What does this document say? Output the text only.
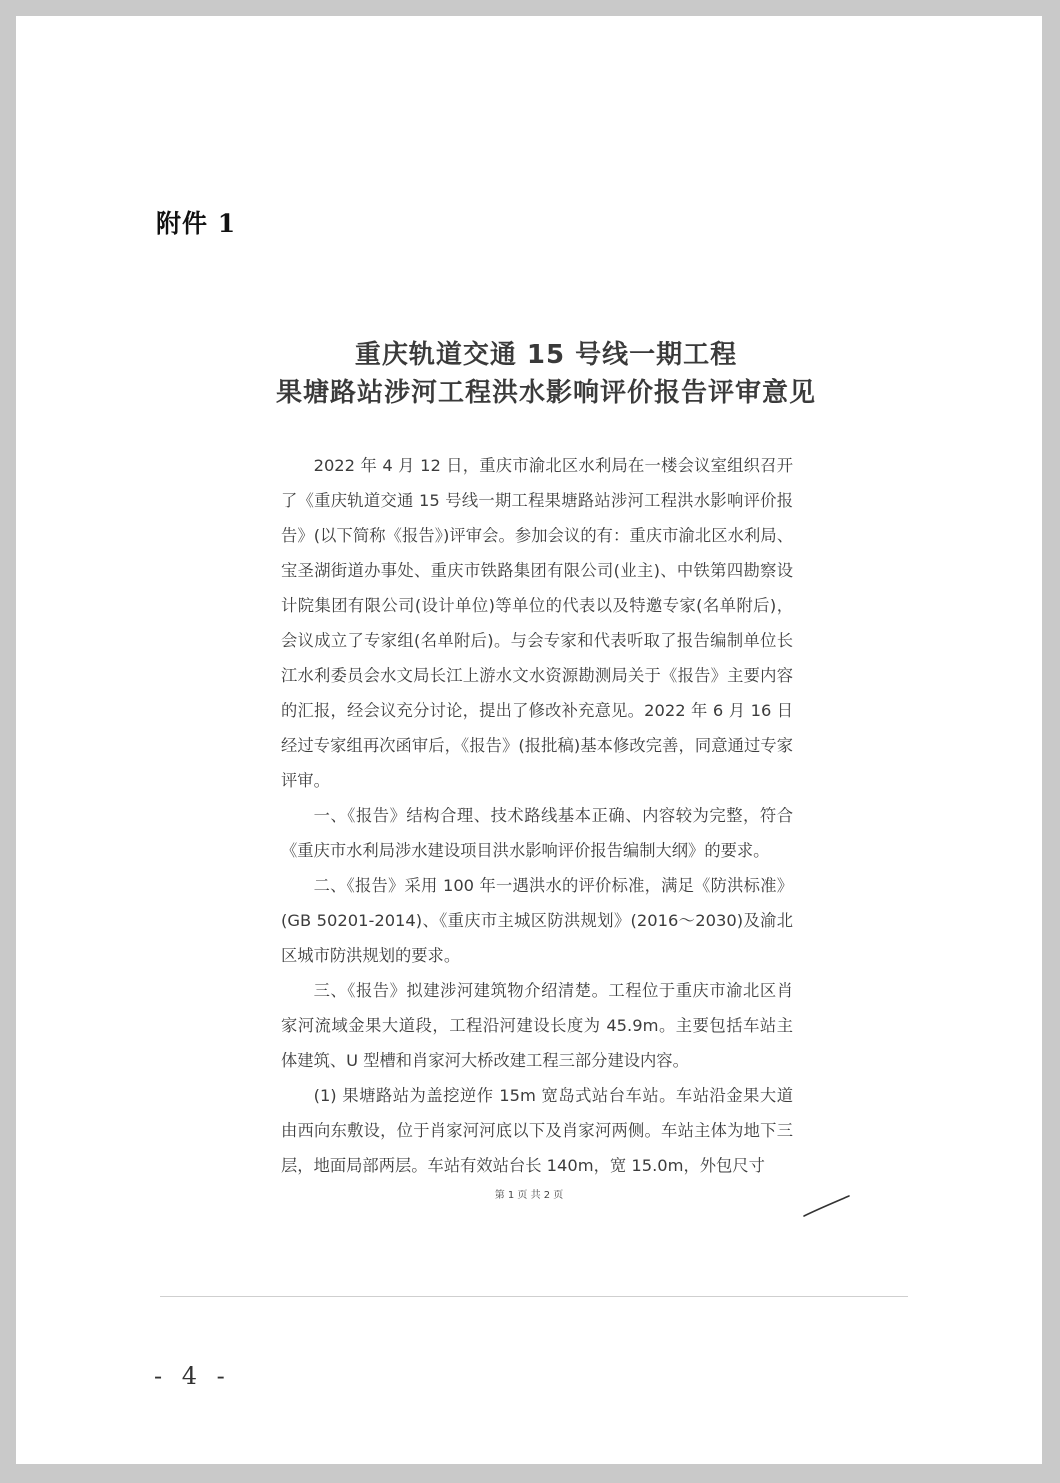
附件 1
重庆轨道交通 15 号线一期工程
果塘路站涉河工程洪水影响评价报告评审意见

2022 年 4 月 12 日，重庆市渝北区水利局在一楼会议室组织召开了《重庆轨道交通 15 号线一期工程果塘路站涉河工程洪水影响评价报告》(以下简称《报告》)评审会。参加会议的有：重庆市渝北区水利局、宝圣湖街道办事处、重庆市铁路集团有限公司(业主)、中铁第四勘察设计院集团有限公司(设计单位)等单位的代表以及特邀专家(名单附后)，会议成立了专家组(名单附后)。与会专家和代表听取了报告编制单位长江水利委员会水文局长江上游水文水资源勘测局关于《报告》主要内容的汇报，经会议充分讨论，提出了修改补充意见。2022 年 6 月 16 日经过专家组再次函审后，《报告》(报批稿)基本修改完善，同意通过专家评审。

一、《报告》结构合理、技术路线基本正确、内容较为完整，符合《重庆市水利局涉水建设项目洪水影响评价报告编制大纲》的要求。

二、《报告》采用 100 年一遇洪水的评价标准，满足《防洪标准》(GB 50201-2014)、《重庆市主城区防洪规划》(2016～2030)及渝北区城市防洪规划的要求。

三、《报告》拟建涉河建筑物介绍清楚。工程位于重庆市渝北区肖家河流域金果大道段，工程沿河建设长度为 45.9m。主要包括车站主体建筑、U 型槽和肖家河大桥改建工程三部分建设内容。

(1) 果塘路站为盖挖逆作 15m 宽岛式站台车站。车站沿金果大道由西向东敷设，位于肖家河河底以下及肖家河两侧。车站主体为地下三层，地面局部两层。车站有效站台长 140m，宽 15.0m，外包尺寸

第 1 页 共 2 页
- 4 -
